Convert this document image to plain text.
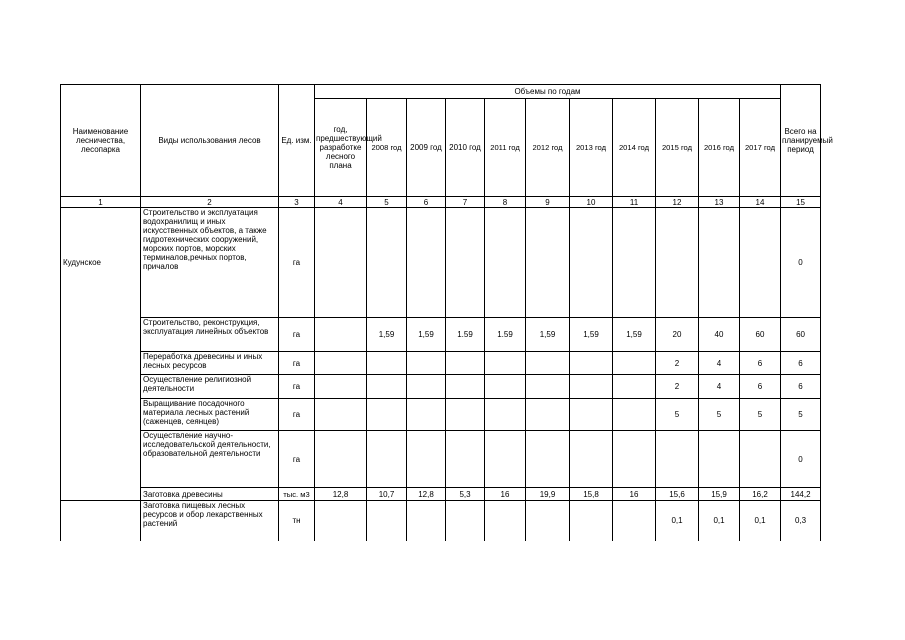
Наименование лесничества, лесопарка	Виды использования лесов	Ед. изм.	Объемы по годам											Всего на планируемый период
			год, предшествующий разработке лесного плана	2008 год	2009 год	2010 год	2011 год	2012 год	2013 год	2014 год	2015 год	2016 год	2017 год	
1	2	3	4	5	6	7	8	9	10	11	12	13	14	15
Кудунское	Строительство и эксплуатация водохранилищ и иных искусственных объектов, а также гидротехнических сооружений, морских портов, морских терминалов,речных портов, причалов	га												0
	Строительство, реконструкция, эксплуатация линейных объектов	га		1,59	1,59	1.59	1.59	1,59	1,59	1,59	20	40	60	60
	Переработка древесины и иных лесных ресурсов	га									2	4	6	6
	Осуществление религиозной деятельности	га									2	4	6	6
	Выращивание посадочного материала лесных растений (саженцев, сеянцев)	га									5	5	5	5
	Осуществление научно-исследовательской деятельности, образовательной деятельности	га												0
	Заготовка древесины	тыс. м3	12,8	10,7	12,8	5,3	16	19,9	15,8	16	15,6	15,9	16,2	144,2
	Заготовка пищевых лесных ресурсов и обор лекарственных растений	тн									0,1	0,1	0,1	0,3
